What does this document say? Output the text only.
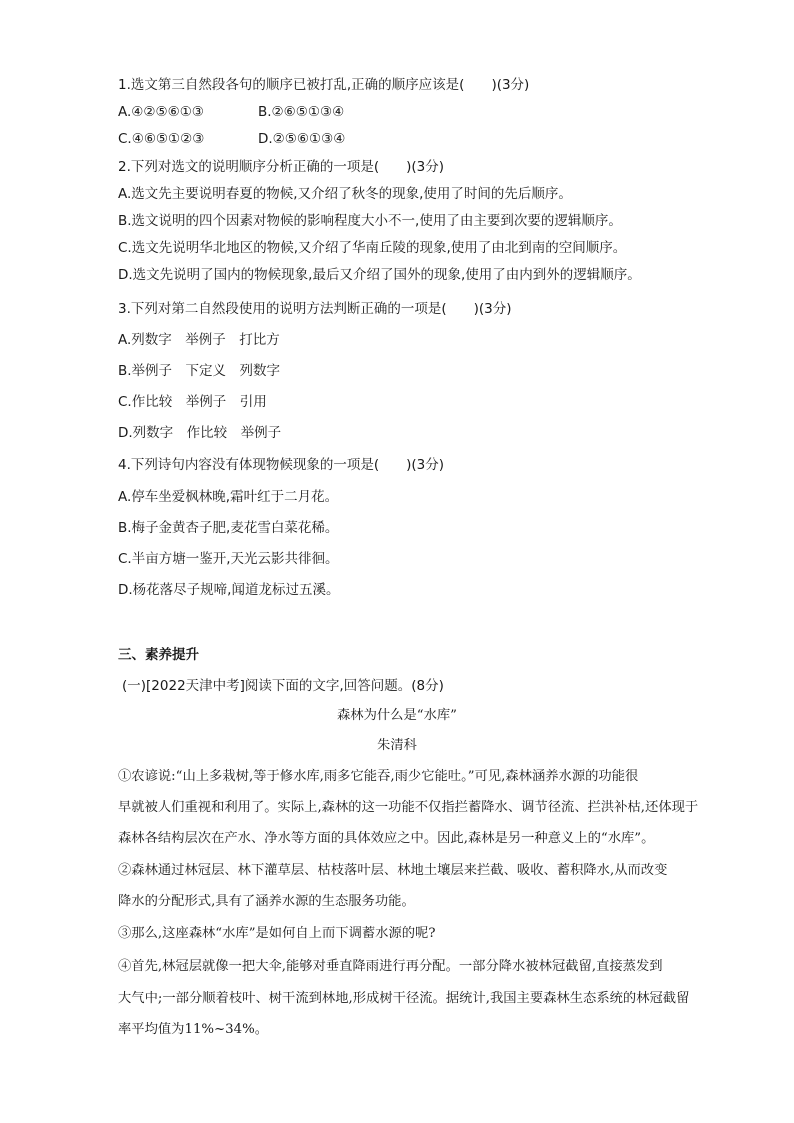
1.选文第三自然段各句的顺序已被打乱,正确的顺序应该是(　　)(3分)
A.④②⑤⑥①③	B.②⑥⑤①③④
C.④⑥⑤①②③	D.②⑤⑥①③④
2.下列对选文的说明顺序分析正确的一项是(　　)(3分)
A.选文先主要说明春夏的物候,又介绍了秋冬的现象,使用了时间的先后顺序。
B.选文说明的四个因素对物候的影响程度大小不一,使用了由主要到次要的逻辑顺序。
C.选文先说明华北地区的物候,又介绍了华南丘陵的现象,使用了由北到南的空间顺序。
D.选文先说明了国内的物候现象,最后又介绍了国外的现象,使用了由内到外的逻辑顺序。
3.下列对第二自然段使用的说明方法判断正确的一项是(　　)(3分)
A.列数字　举例子　打比方
B.举例子　下定义　列数字
C.作比较　举例子　引用
D.列数字　作比较　举例子
4.下列诗句内容没有体现物候现象的一项是(　　)(3分)
A.停车坐爱枫林晚,霜叶红于二月花。
B.梅子金黄杏子肥,麦花雪白菜花稀。
C.半亩方塘一鉴开,天光云影共徘徊。
D.杨花落尽子规啼,闻道龙标过五溪。
三、素养提升
(一)[2022天津中考]阅读下面的文字,回答问题。(8分)
森林为什么是“水库”
朱清科
①农谚说:“山上多栽树,等于修水库,雨多它能吞,雨少它能吐。”可见,森林涵养水源的功能很
早就被人们重视和利用了。实际上,森林的这一功能不仅指拦蓄降水、调节径流、拦洪补枯,还体现于
森林各结构层次在产水、净水等方面的具体效应之中。因此,森林是另一种意义上的“水库”。
②森林通过林冠层、林下灌草层、枯枝落叶层、林地土壤层来拦截、吸收、蓄积降水,从而改变
降水的分配形式,具有了涵养水源的生态服务功能。
③那么,这座森林“水库”是如何自上而下调蓄水源的呢?
④首先,林冠层就像一把大伞,能够对垂直降雨进行再分配。一部分降水被林冠截留,直接蒸发到
大气中;一部分顺着枝叶、树干流到林地,形成树干径流。据统计,我国主要森林生态系统的林冠截留
率平均值为11%~34%。
